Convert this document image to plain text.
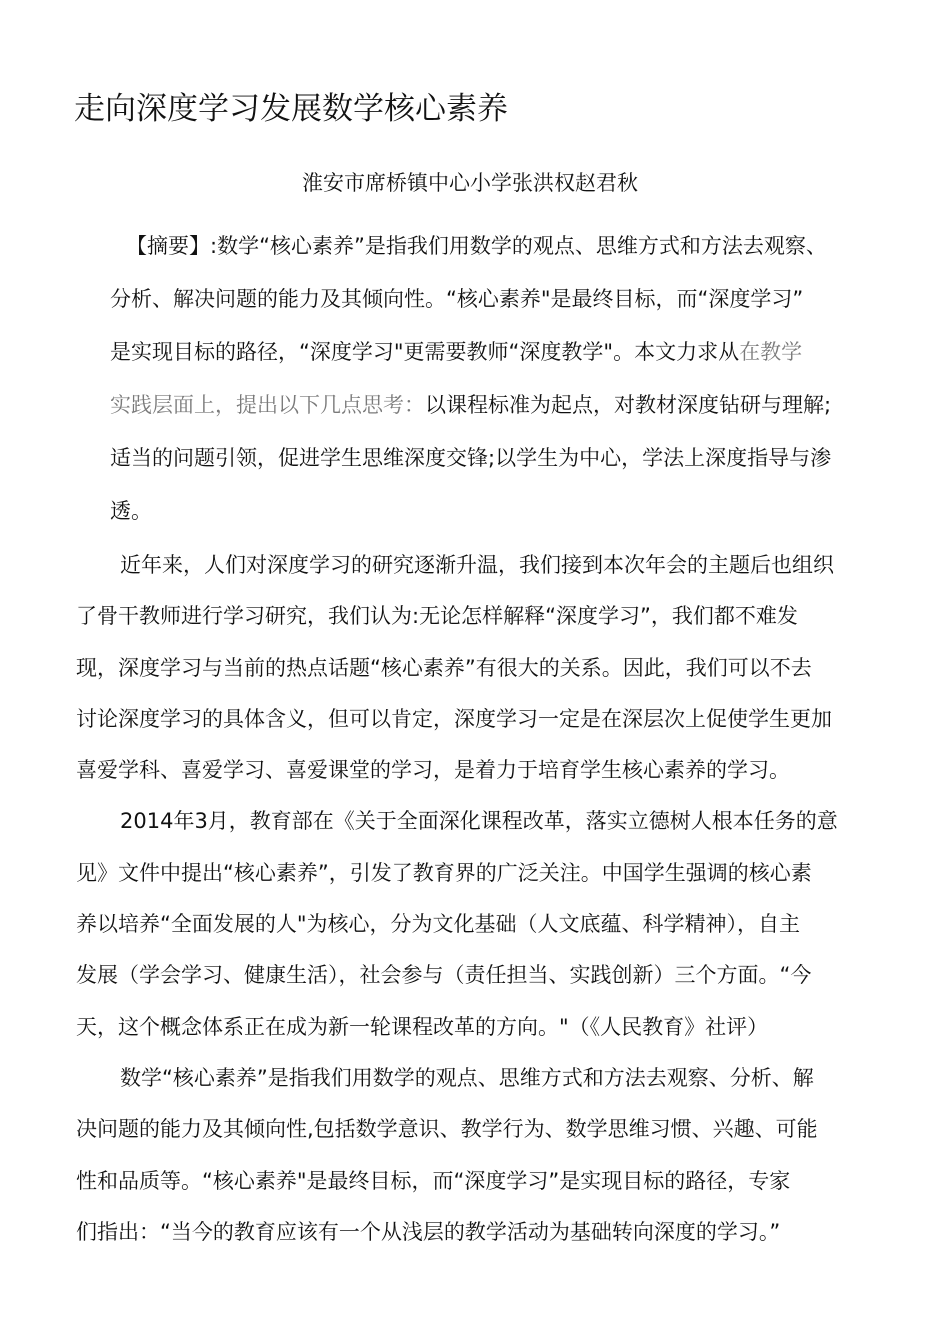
走向深度学习发展数学核心素养
淮安市席桥镇中心小学张洪权赵君秋
【摘要】:数学“核心素养”是指我们用数学的观点、思维方式和方法去观察、
分析、解决问题的能力及其倾向性。“核心素养"是最终目标，而“深度学习”
是实现目标的路径，“深度学习"更需要教师“深度教学"。本文力求从在教学
实践层面上，提出以下几点思考：以课程标准为起点，对教材深度钻研与理解;
适当的问题引领，促进学生思维深度交锋;以学生为中心，学法上深度指导与渗
透。
近年来，人们对深度学习的研究逐渐升温，我们接到本次年会的主题后也组织
了骨干教师进行学习研究，我们认为:无论怎样解释“深度学习”，我们都不难发
现，深度学习与当前的热点话题“核心素养”有很大的关系。因此，我们可以不去
讨论深度学习的具体含义，但可以肯定，深度学习一定是在深层次上促使学生更加
喜爱学科、喜爱学习、喜爱课堂的学习，是着力于培育学生核心素养的学习。
2014年3月，教育部在《关于全面深化课程改革，落实立德树人根本任务的意
见》文件中提出“核心素养”，引发了教育界的广泛关注。中国学生强调的核心素
养以培养“全面发展的人"为核心，分为文化基础（人文底蕴、科学精神），自主
发展（学会学习、健康生活），社会参与（责任担当、实践创新）三个方面。“今
天，这个概念体系正在成为新一轮课程改革的方向。"（《人民教育》社评）
数学“核心素养”是指我们用数学的观点、思维方式和方法去观察、分析、解
决问题的能力及其倾向性,包括数学意识、教学行为、数学思维习惯、兴趣、可能
性和品质等。“核心素养"是最终目标，而“深度学习”是实现目标的路径，专家
们指出：“当今的教育应该有一个从浅层的教学活动为基础转向深度的学习。”
